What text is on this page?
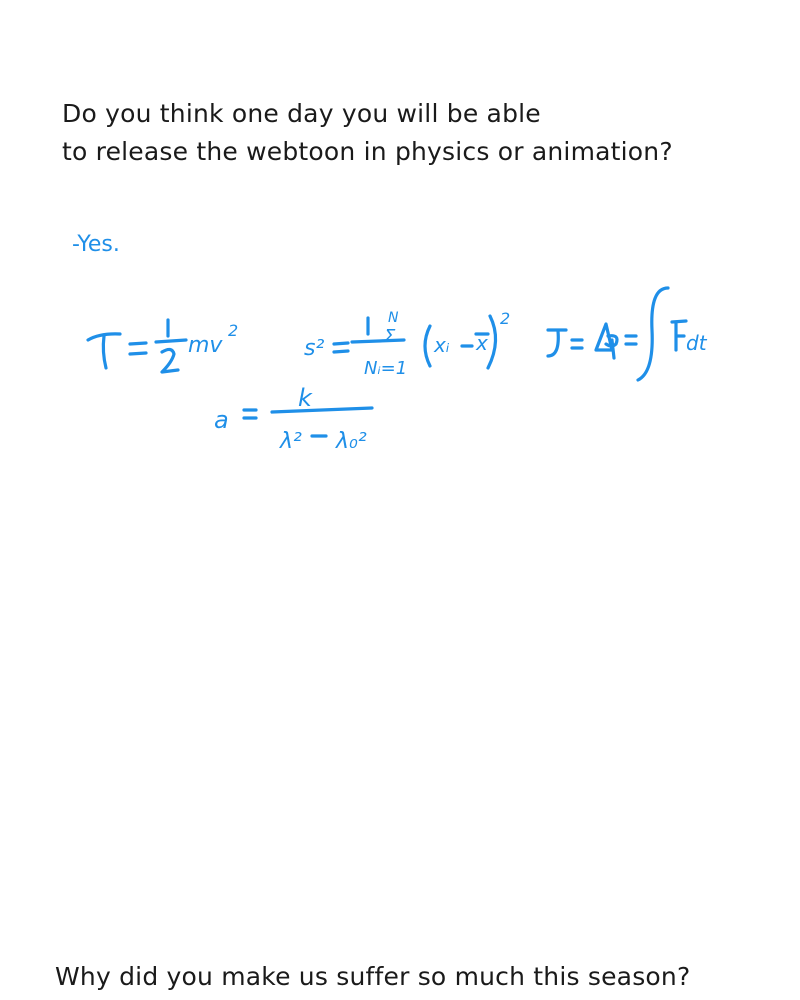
Do you think one day you will be able
to release the webtoon in physics or animation?
-Yes.
mv
2
s²
Nᵢ=1
N
Σ xᵢ x
2
dt
a
k
λ² λ₀²
Why did you make us suffer so much this season?
